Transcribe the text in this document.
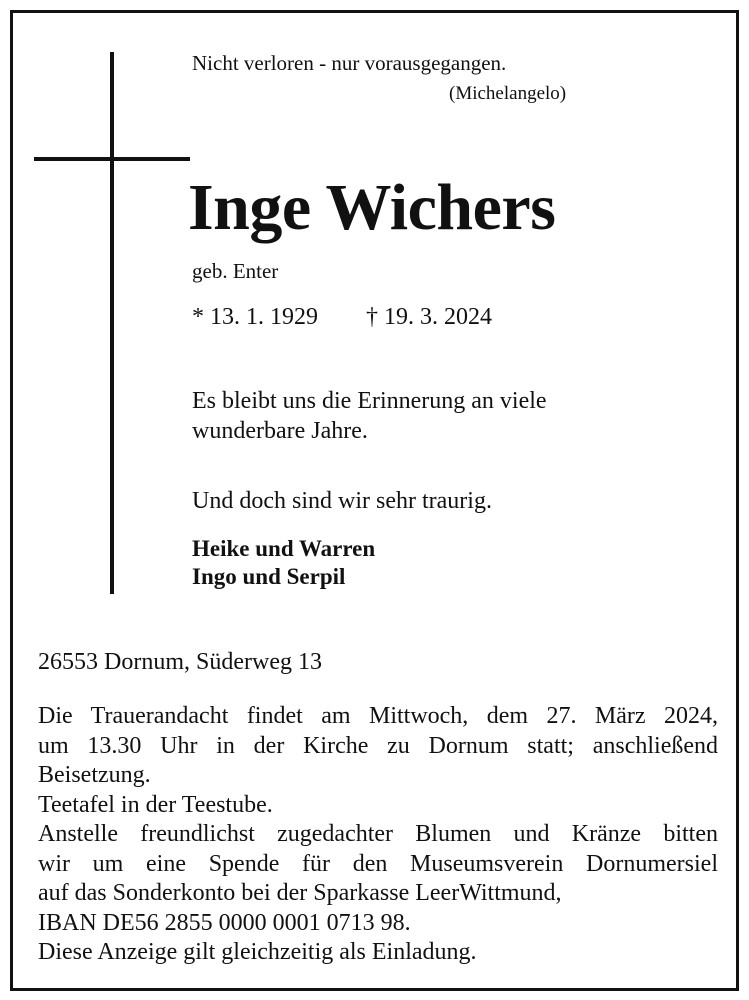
Nicht verloren - nur vorausgegangen.
(Michelangelo)
Inge Wichers
geb. Enter
* 13. 1. 1929 † 19. 3. 2024
Es bleibt uns die Erinnerung an viele
wunderbare Jahre.
Und doch sind wir sehr traurig.
Heike und Warren
Ingo und Serpil
26553 Dornum, Süderweg 13
Die Trauerandacht findet am Mittwoch, dem 27. März 2024,
um 13.30 Uhr in der Kirche zu Dornum statt; anschließend
Beisetzung.
Teetafel in der Teestube.
Anstelle freundlichst zugedachter Blumen und Kränze bitten
wir um eine Spende für den Museumsverein Dornumersiel
auf das Sonderkonto bei der Sparkasse LeerWittmund,
IBAN DE56 2855 0000 0001 0713 98.
Diese Anzeige gilt gleichzeitig als Einladung.
